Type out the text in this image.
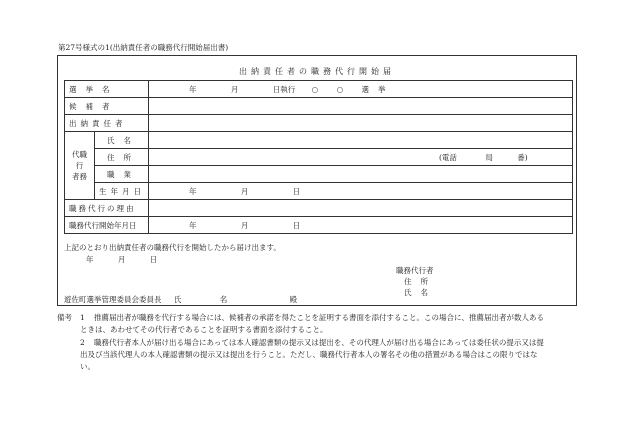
第27号様式の1(出納責任者の職務代行開始届出書)
出納責任者の職務代行開始届
選挙名		年 月 日執行 ○ ○ 選挙
候補者		
出納責任者		

代職
行
者務	氏名	
	住所	(電話 局 番)
	職業	
	生年月日	年 月 日
職務代行の理由		
職務代行開始年月日		年 月 日
上記のとおり出納責任者の職務代行を開始したから届け出ます。
年	月	日
職務代行者
住所
氏名
遊佐町選挙管理委員会委員長 氏	名	殿
備考 1 推薦届出者が職務を代行する場合には、候補者の承諾を得たことを証明する書面を添付すること。この場合に、推薦届出者が数人あるときは、あわせてその代行者であることを証明する書面を添付すること。
2 職務代行者本人が届け出る場合にあっては本人確認書類の提示又は提出を、その代理人が届け出る場合にあっては委任状の提示又は提出及び当該代理人の本人確認書類の提示又は提出を行うこと。ただし、職務代行者本人の署名その他の措置がある場合はこの限りではない。
